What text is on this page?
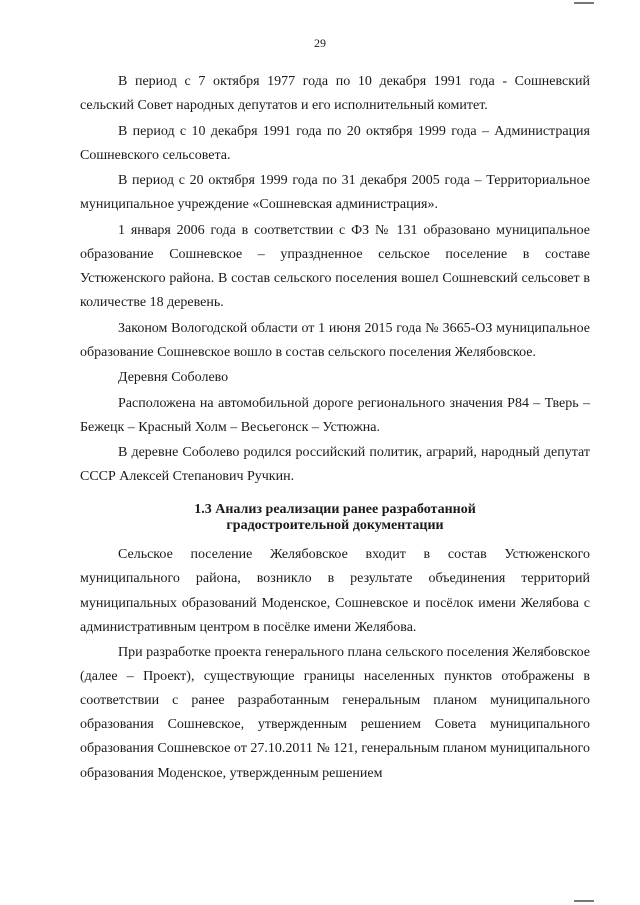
29

В период с 7 октября 1977 года по 10 декабря 1991 года - Сошневский сельский Совет народных депутатов и его исполнительный комитет.

В период с 10 декабря 1991 года по 20 октября 1999 года – Администрация Сошневского сельсовета.

В период с 20 октября 1999 года по 31 декабря 2005 года – Территориальное муниципальное учреждение «Сошневская администрация».

1 января 2006 года в соответствии с ФЗ № 131 образовано муниципальное образование Сошневское – упраздненное сельское поселение в составе Устюженского района. В состав сельского поселения вошел Сошневский сельсовет в количестве 18 деревень.

Законом Вологодской области от 1 июня 2015 года № 3665-ОЗ муниципальное образование Сошневское вошло в состав сельского поселения Желябовское.

Деревня Соболево

Расположена на автомобильной дороге регионального значения Р84 – Тверь – Бежецк – Красный Холм – Весьегонск – Устюжна.

В деревне Соболево родился российский политик, аграрий, народный депутат СССР Алексей Степанович Ручкин.

1.3 Анализ реализации ранее разработанной
градостроительной документации

Сельское поселение Желябовское входит в состав Устюженского муниципального района, возникло в результате объединения территорий муниципальных образований Моденское, Сошневское и посёлок имени Желябова с административным центром в посёлке имени Желябова.

При разработке проекта генерального плана сельского поселения Желябовское (далее – Проект), существующие границы населенных пунктов отображены в соответствии с ранее разработанным генеральным планом муниципального образования Сошневское, утвержденным решением Совета муниципального образования Сошневское от 27.10.2011 № 121, генеральным планом муниципального образования Моденское, утвержденным решением
